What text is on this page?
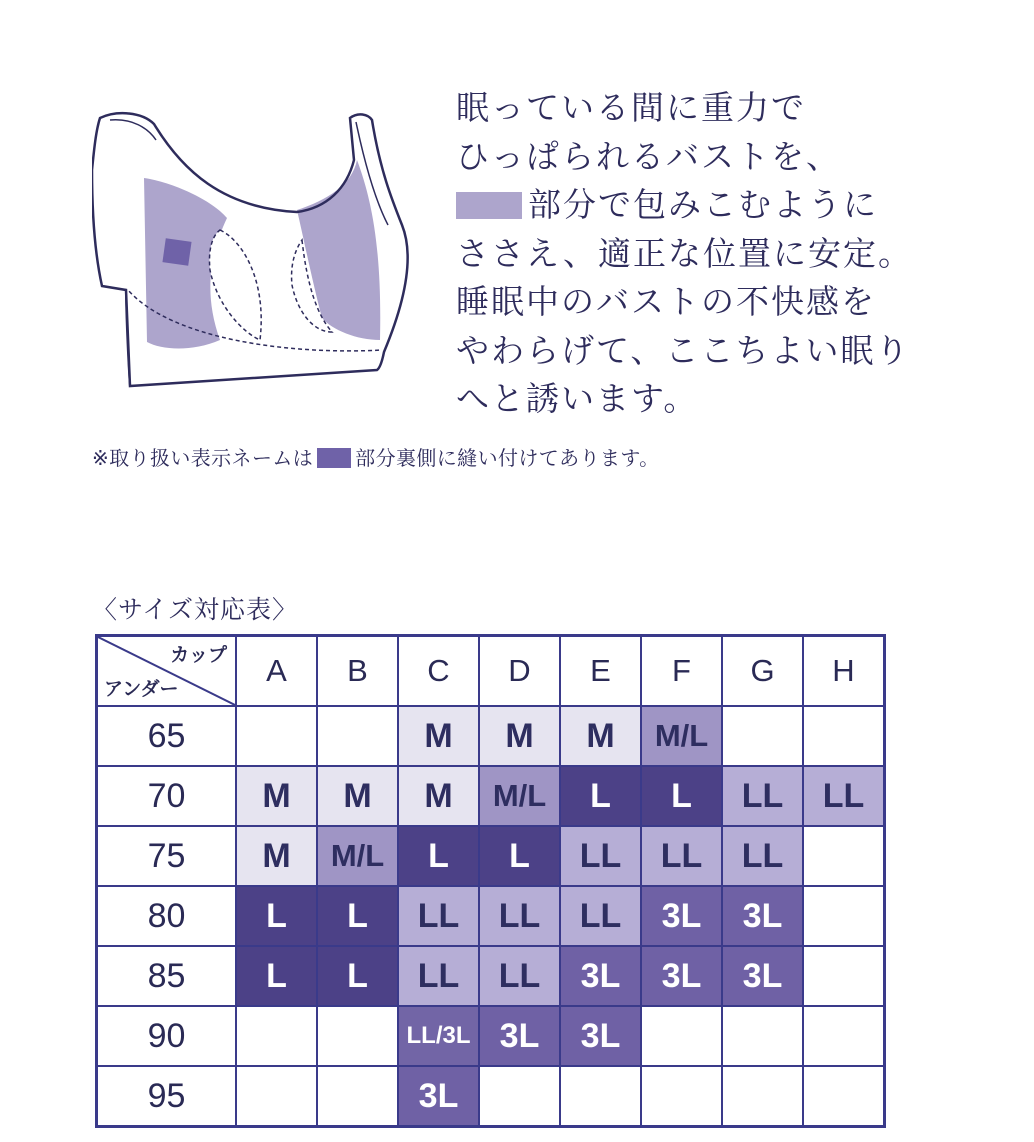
眠っている間に重力で
ひっぱられるバストを、
部分で包みこむように
ささえ、適正な位置に安定。
睡眠中のバストの不快感を
やわらげて、ここちよい眠り
へと誘います。
※取り扱い表示ネームは 部分裏側に縫い付けてあります。
〈サイズ対応表〉
カップ
アンダー	A	B	C	D	E	F	G	H
65			M	M	M	M/L		
70	M	M	M	M/L	L	L	LL	LL
75	M	M/L	L	L	LL	LL	LL	
80	L	L	LL	LL	LL	3L	3L	
85	L	L	LL	LL	3L	3L	3L	
90			LL/3L	3L	3L			
95			3L					
